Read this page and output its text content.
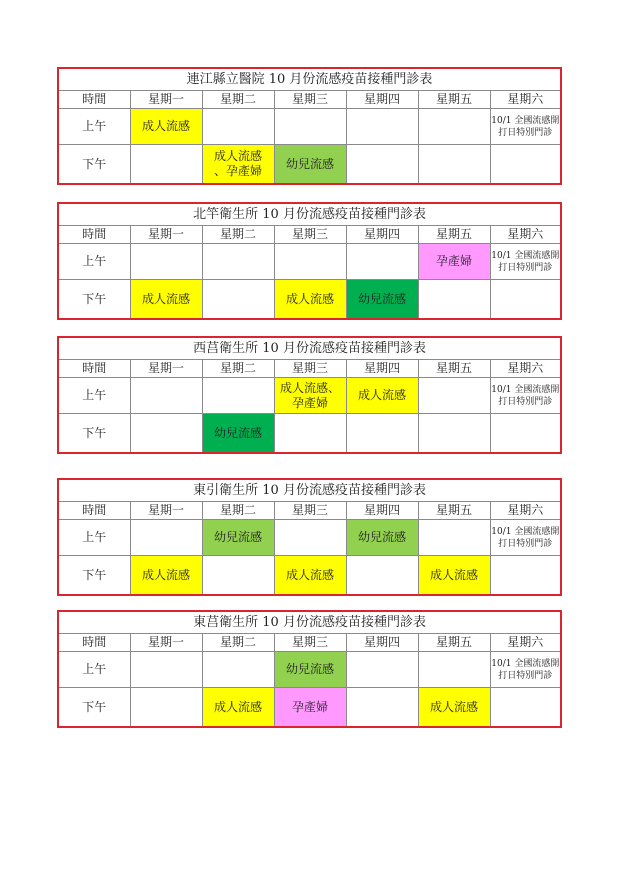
連江縣立醫院 10 月份流感疫苗接種門診表						
時間	星期一	星期二	星期三	星期四	星期五	星期六
上午	成人流感					10/1 全國流感開
打日特別門診
下午		成人流感
、孕產婦	幼兒流感			
北竿衛生所 10 月份流感疫苗接種門診表						
時間	星期一	星期二	星期三	星期四	星期五	星期六
上午					孕產婦	10/1 全國流感開
打日特別門診
下午	成人流感		成人流感	幼兒流感		
西莒衛生所 10 月份流感疫苗接種門診表						
時間	星期一	星期二	星期三	星期四	星期五	星期六
上午			成人流感、
孕產婦	成人流感		10/1 全國流感開
打日特別門診
下午		幼兒流感				
東引衛生所 10 月份流感疫苗接種門診表						
時間	星期一	星期二	星期三	星期四	星期五	星期六
上午		幼兒流感		幼兒流感		10/1 全國流感開
打日特別門診
下午	成人流感		成人流感		成人流感	
東莒衛生所 10 月份流感疫苗接種門診表						
時間	星期一	星期二	星期三	星期四	星期五	星期六
上午			幼兒流感			10/1 全國流感開
打日特別門診
下午		成人流感	孕產婦		成人流感	
